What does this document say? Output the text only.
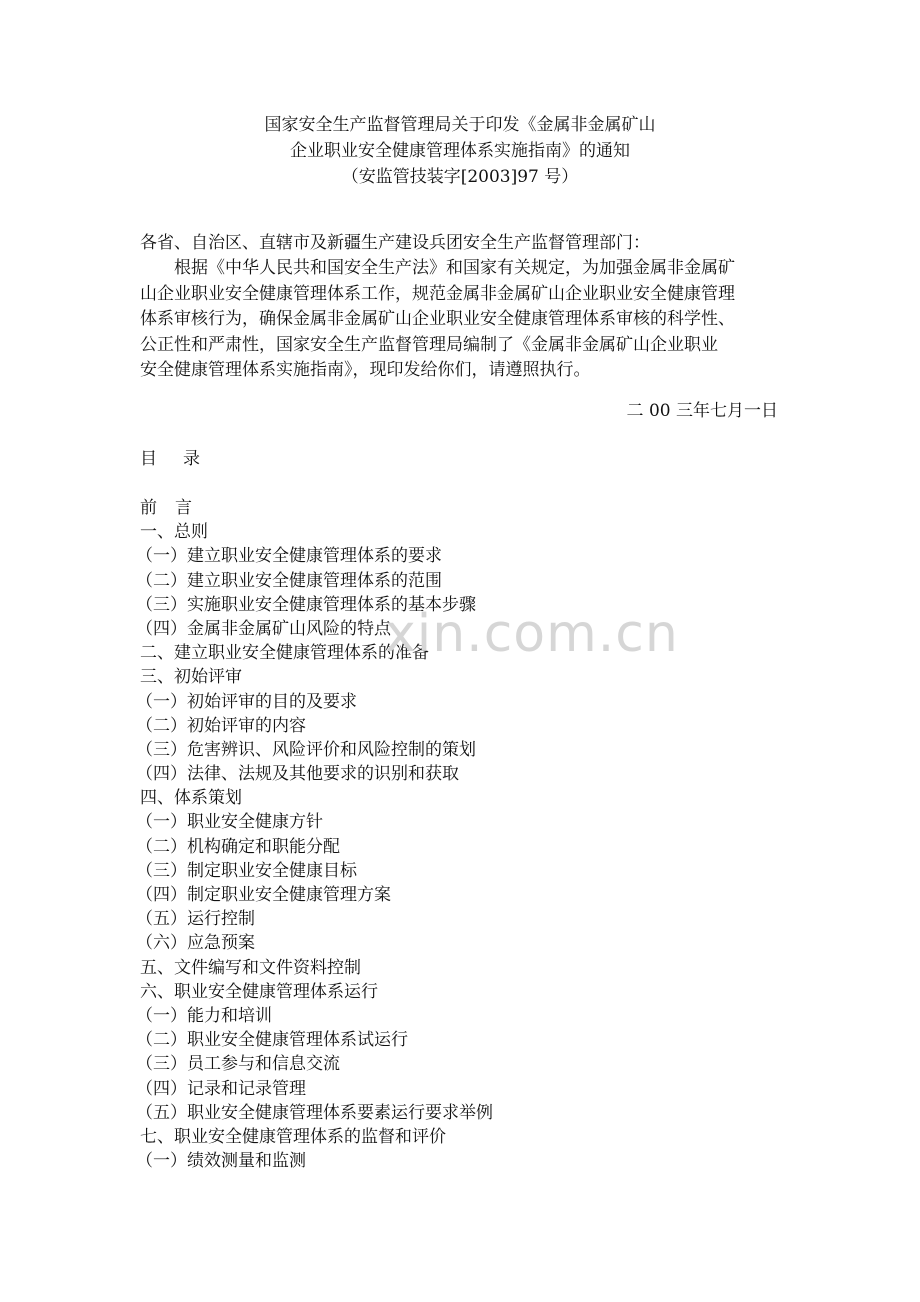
国家安全生产监督管理局关于印发《金属非金属矿山
企业职业安全健康管理体系实施指南》的通知
（安监管技装字[2003]97 号）
各省、自治区、直辖市及新疆生产建设兵团安全生产监督管理部门：
根据《中华人民共和国安全生产法》和国家有关规定，为加强金属非金属矿
山企业职业安全健康管理体系工作，规范金属非金属矿山企业职业安全健康管理
体系审核行为，确保金属非金属矿山企业职业安全健康管理体系审核的科学性、
公正性和严肃性，国家安全生产监督管理局编制了《金属非金属矿山企业职业
安全健康管理体系实施指南》，现印发给你们，请遵照执行。
二 00 三年七月一日
目 录
前 言
一、总则
（一）建立职业安全健康管理体系的要求
（二）建立职业安全健康管理体系的范围
（三）实施职业安全健康管理体系的基本步骤
（四）金属非金属矿山风险的特点
二、建立职业安全健康管理体系的准备
三、初始评审
（一）初始评审的目的及要求
（二）初始评审的内容
（三）危害辨识、风险评价和风险控制的策划
（四）法律、法规及其他要求的识别和获取
四、体系策划
（一）职业安全健康方针
（二）机构确定和职能分配
（三）制定职业安全健康目标
（四）制定职业安全健康管理方案
（五）运行控制
（六）应急预案
五、文件编写和文件资料控制
六、职业安全健康管理体系运行
（一）能力和培训
（二）职业安全健康管理体系试运行
（三）员工参与和信息交流
（四）记录和记录管理
（五）职业安全健康管理体系要素运行要求举例
七、职业安全健康管理体系的监督和评价
（一）绩效测量和监测
xin.com.cn
